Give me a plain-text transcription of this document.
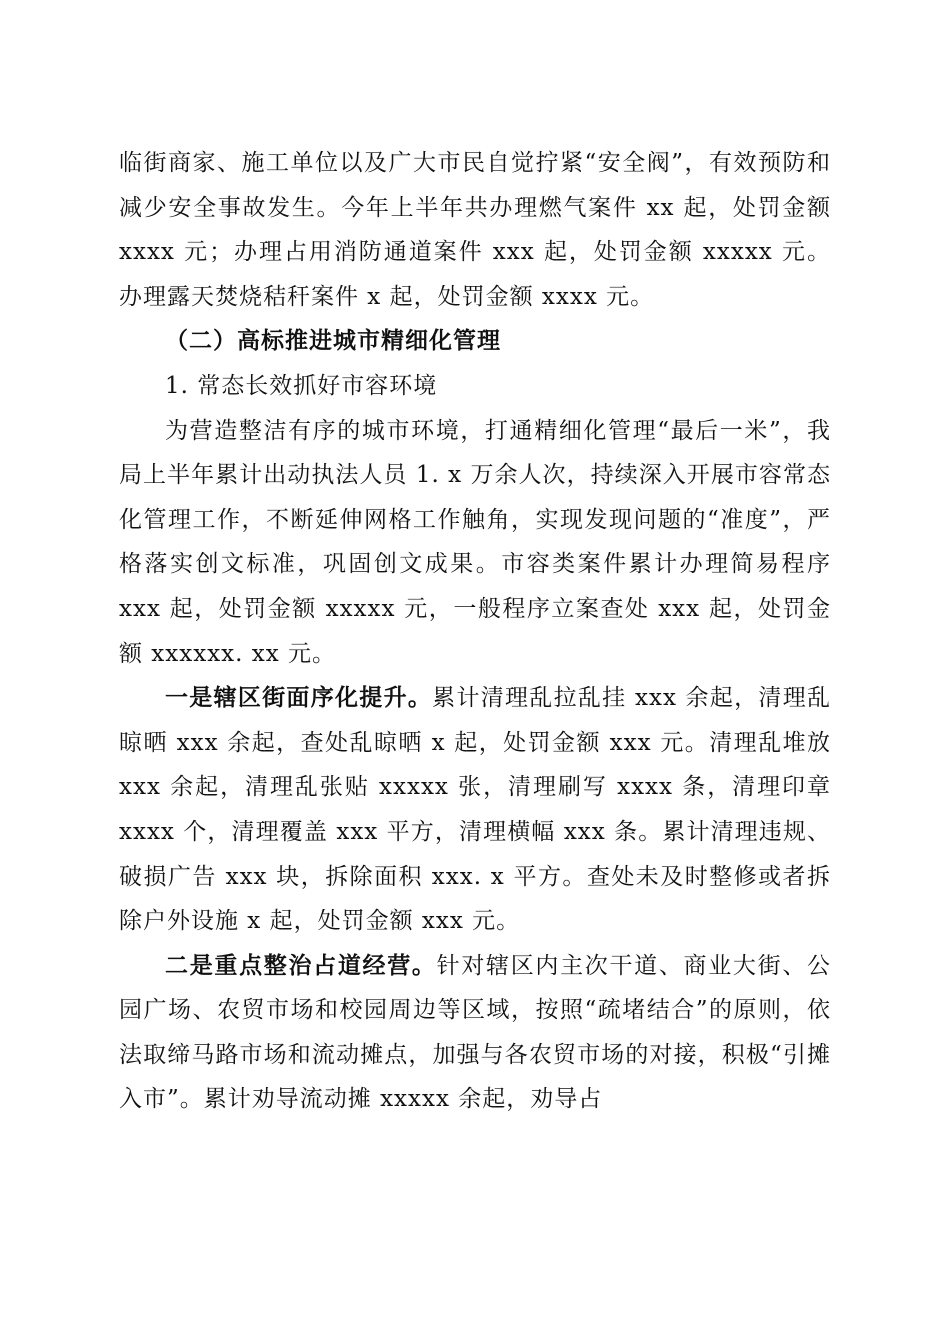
临街商家、施工单位以及广大市民自觉拧紧“安全阀”，有效预防和减少安全事故发生。今年上半年共办理燃气案件 xx 起，处罚金额 xxxx 元；办理占用消防通道案件 xxx 起，处罚金额 xxxxx 元。办理露天焚烧秸秆案件 x 起，处罚金额 xxxx 元。

（二）高标推进城市精细化管理

1. 常态长效抓好市容环境

为营造整洁有序的城市环境，打通精细化管理“最后一米”，我局上半年累计出动执法人员 1. x 万余人次，持续深入开展市容常态化管理工作，不断延伸网格工作触角，实现发现问题的“准度”，严格落实创文标准，巩固创文成果。市容类案件累计办理简易程序 xxx 起，处罚金额 xxxxx 元，一般程序立案查处 xxx 起，处罚金额 xxxxxx. xx 元。

一是辖区街面序化提升。累计清理乱拉乱挂 xxx 余起，清理乱晾晒 xxx 余起，查处乱晾晒 x 起，处罚金额 xxx 元。清理乱堆放 xxx 余起，清理乱张贴 xxxxx 张，清理刷写 xxxx 条，清理印章 xxxx 个，清理覆盖 xxx 平方，清理横幅 xxx 条。累计清理违规、破损广告 xxx 块，拆除面积 xxx. x 平方。查处未及时整修或者拆除户外设施 x 起，处罚金额 xxx 元。

二是重点整治占道经营。针对辖区内主次干道、商业大街、公园广场、农贸市场和校园周边等区域，按照“疏堵结合”的原则，依法取缔马路市场和流动摊点，加强与各农贸市场的对接，积极“引摊入市”。累计劝导流动摊 xxxxx 余起，劝导占
